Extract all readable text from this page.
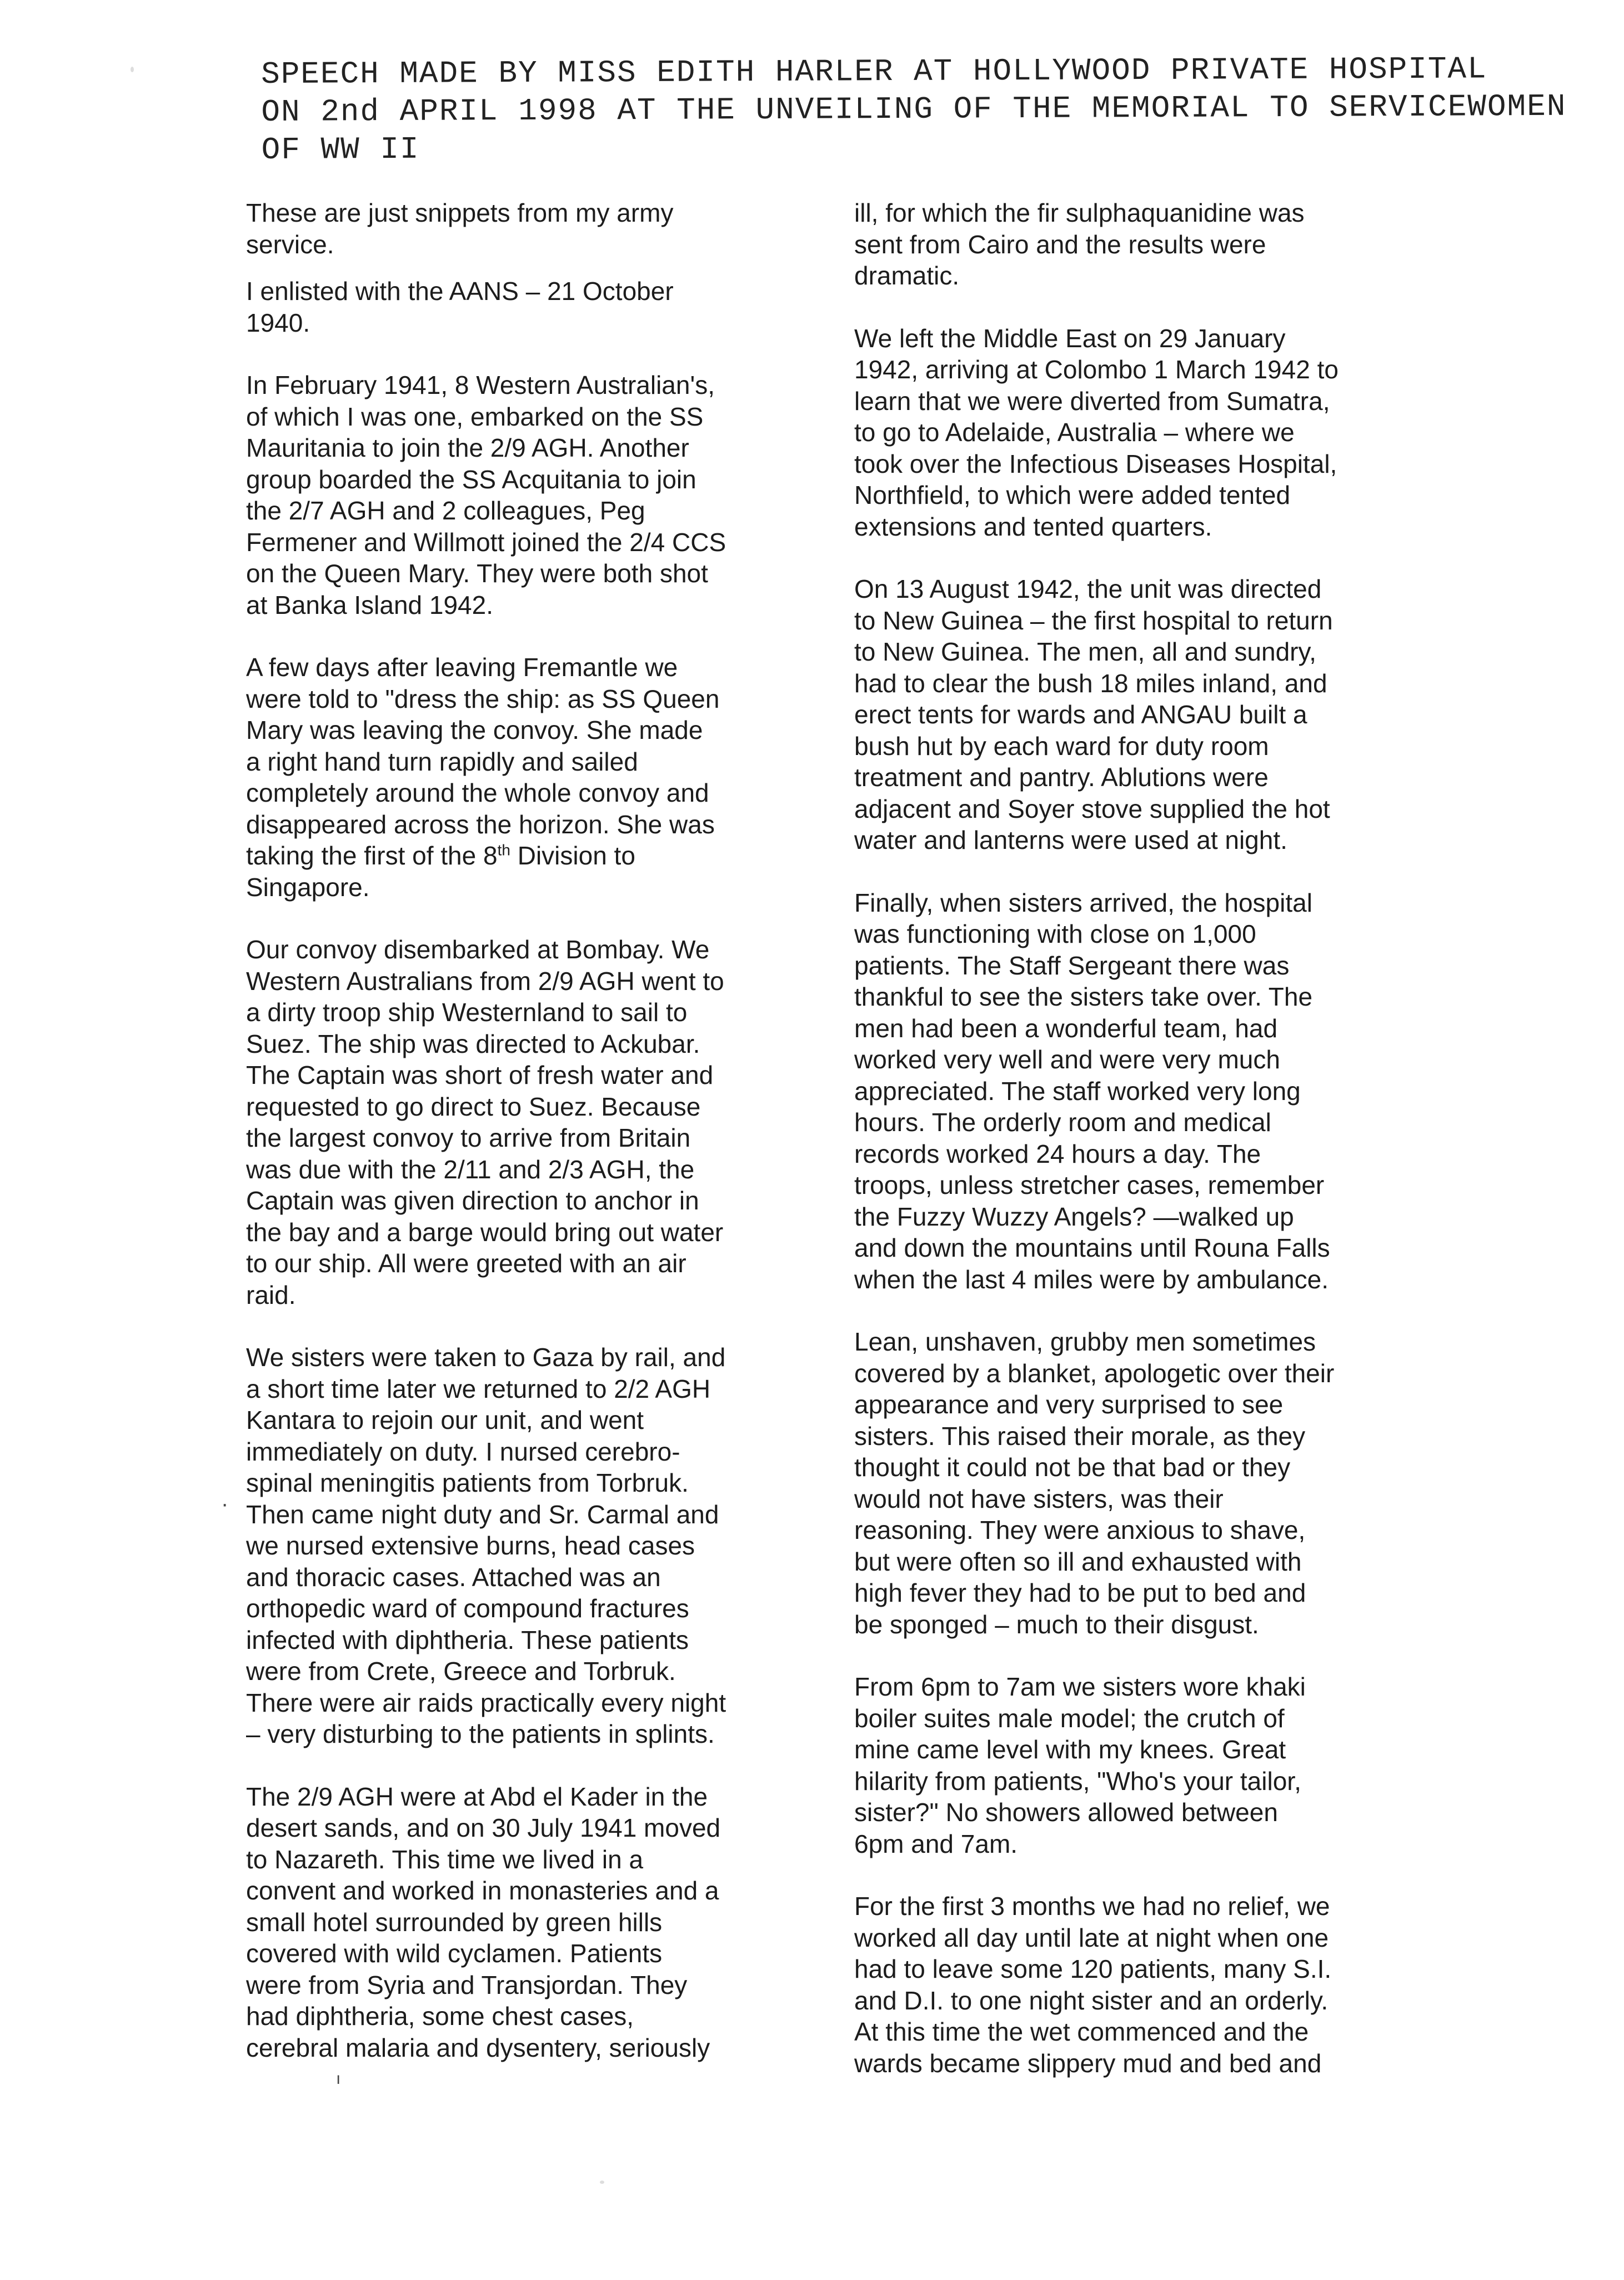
SPEECH MADE BY MISS EDITH HARLER AT HOLLYWOOD PRIVATE HOSPITAL
ON 2nd APRIL 1998 AT THE UNVEILING OF THE MEMORIAL TO SERVICEWOMEN
OF WW II

These are just snippets from my army
service.

I enlisted with the AANS – 21 October
1940.

In February 1941, 8 Western Australian's,
of which I was one, embarked on the SS
Mauritania to join the 2/9 AGH. Another
group boarded the SS Acquitania to join
the 2/7 AGH and 2 colleagues, Peg
Fermener and Willmott joined the 2/4 CCS
on the Queen Mary. They were both shot
at Banka Island 1942.

A few days after leaving Fremantle we
were told to "dress the ship: as SS Queen
Mary was leaving the convoy. She made
a right hand turn rapidly and sailed
completely around the whole convoy and
disappeared across the horizon. She was
taking the first of the 8th Division to
Singapore.

Our convoy disembarked at Bombay. We
Western Australians from 2/9 AGH went to
a dirty troop ship Westernland to sail to
Suez. The ship was directed to Ackubar.
The Captain was short of fresh water and
requested to go direct to Suez. Because
the largest convoy to arrive from Britain
was due with the 2/11 and 2/3 AGH, the
Captain was given direction to anchor in
the bay and a barge would bring out water
to our ship. All were greeted with an air
raid.

We sisters were taken to Gaza by rail, and
a short time later we returned to 2/2 AGH
Kantara to rejoin our unit, and went
immediately on duty. I nursed cerebro-
spinal meningitis patients from Torbruk.
Then came night duty and Sr. Carmal and
we nursed extensive burns, head cases
and thoracic cases. Attached was an
orthopedic ward of compound fractures
infected with diphtheria. These patients
were from Crete, Greece and Torbruk.
There were air raids practically every night
– very disturbing to the patients in splints.

The 2/9 AGH were at Abd el Kader in the
desert sands, and on 30 July 1941 moved
to Nazareth. This time we lived in a
convent and worked in monasteries and a
small hotel surrounded by green hills
covered with wild cyclamen. Patients
were from Syria and Transjordan. They
had diphtheria, some chest cases,
cerebral malaria and dysentery, seriously

ill, for which the fir sulphaquanidine was
sent from Cairo and the results were
dramatic.

We left the Middle East on 29 January
1942, arriving at Colombo 1 March 1942 to
learn that we were diverted from Sumatra,
to go to Adelaide, Australia – where we
took over the Infectious Diseases Hospital,
Northfield, to which were added tented
extensions and tented quarters.

On 13 August 1942, the unit was directed
to New Guinea – the first hospital to return
to New Guinea. The men, all and sundry,
had to clear the bush 18 miles inland, and
erect tents for wards and ANGAU built a
bush hut by each ward for duty room
treatment and pantry. Ablutions were
adjacent and Soyer stove supplied the hot
water and lanterns were used at night.

Finally, when sisters arrived, the hospital
was functioning with close on 1,000
patients. The Staff Sergeant there was
thankful to see the sisters take over. The
men had been a wonderful team, had
worked very well and were very much
appreciated. The staff worked very long
hours. The orderly room and medical
records worked 24 hours a day. The
troops, unless stretcher cases, remember
the Fuzzy Wuzzy Angels? —walked up
and down the mountains until Rouna Falls
when the last 4 miles were by ambulance.

Lean, unshaven, grubby men sometimes
covered by a blanket, apologetic over their
appearance and very surprised to see
sisters. This raised their morale, as they
thought it could not be that bad or they
would not have sisters, was their
reasoning. They were anxious to shave,
but were often so ill and exhausted with
high fever they had to be put to bed and
be sponged – much to their disgust.

From 6pm to 7am we sisters wore khaki
boiler suites male model; the crutch of
mine came level with my knees. Great
hilarity from patients, "Who's your tailor,
sister?" No showers allowed between
6pm and 7am.

For the first 3 months we had no relief, we
worked all day until late at night when one
had to leave some 120 patients, many S.I.
and D.I. to one night sister and an orderly.
At this time the wet commenced and the
wards became slippery mud and bed and

·
ı
